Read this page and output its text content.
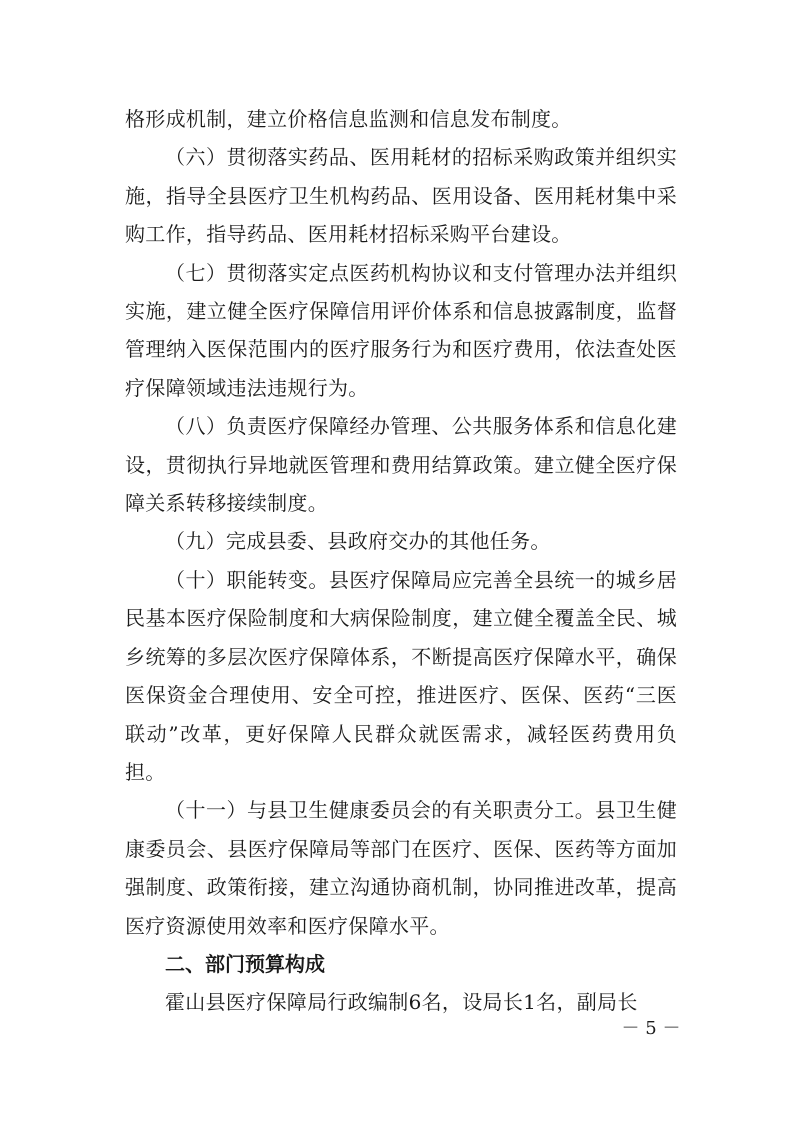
格形成机制，建立价格信息监测和信息发布制度。

（六）贯彻落实药品、医用耗材的招标采购政策并组织实施，指导全县医疗卫生机构药品、医用设备、医用耗材集中采购工作，指导药品、医用耗材招标采购平台建设。

（七）贯彻落实定点医药机构协议和支付管理办法并组织实施，建立健全医疗保障信用评价体系和信息披露制度，监督管理纳入医保范围内的医疗服务行为和医疗费用，依法查处医疗保障领域违法违规行为。

（八）负责医疗保障经办管理、公共服务体系和信息化建设，贯彻执行异地就医管理和费用结算政策。建立健全医疗保障关系转移接续制度。

（九）完成县委、县政府交办的其他任务。

（十）职能转变。县医疗保障局应完善全县统一的城乡居民基本医疗保险制度和大病保险制度，建立健全覆盖全民、城乡统筹的多层次医疗保障体系，不断提高医疗保障水平，确保医保资金合理使用、安全可控，推进医疗、医保、医药“三医联动”改革，更好保障人民群众就医需求，减轻医药费用负担。

（十一）与县卫生健康委员会的有关职责分工。县卫生健康委员会、县医疗保障局等部门在医疗、医保、医药等方面加强制度、政策衔接，建立沟通协商机制，协同推进改革，提高医疗资源使用效率和医疗保障水平。

二、部门预算构成

霍山县医疗保障局行政编制6名，设局长1名，副局长

－ 5 －
